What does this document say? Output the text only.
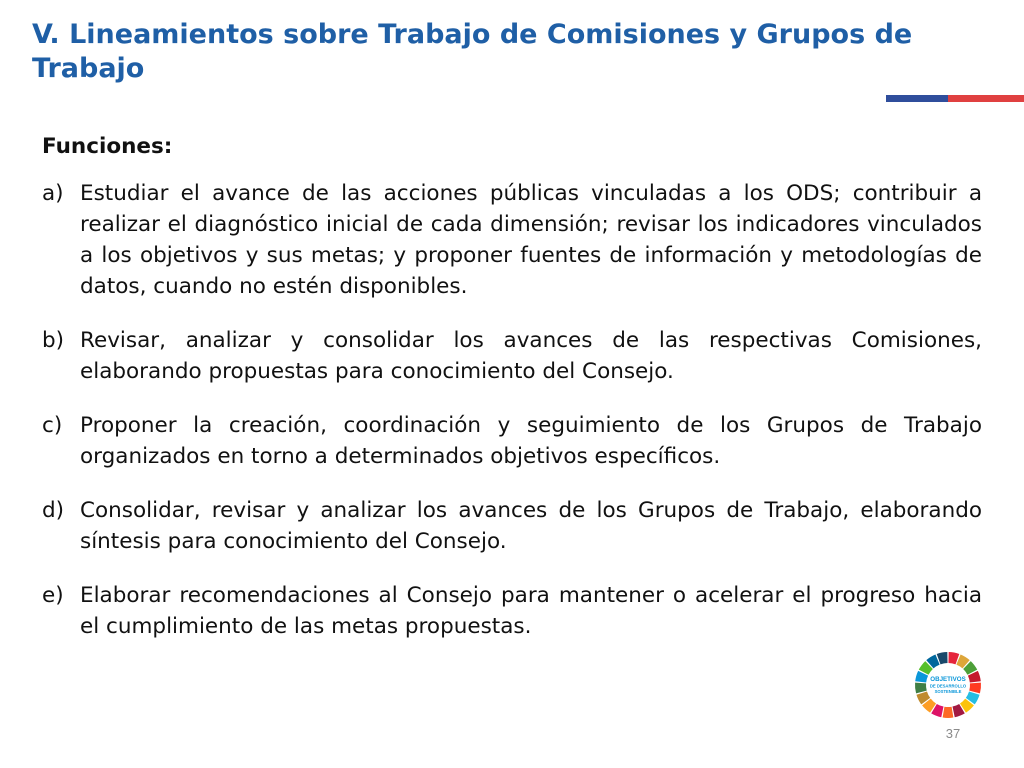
V. Lineamientos sobre Trabajo de Comisiones y Grupos de Trabajo
Funciones:
a) Estudiar el avance de las acciones públicas vinculadas a los ODS; contribuir a realizar el diagnóstico inicial de cada dimensión; revisar los indicadores vinculados a los objetivos y sus metas; y proponer fuentes de información y metodologías de datos, cuando no estén disponibles.
b) Revisar, analizar y consolidar los avances de las respectivas Comisiones, elaborando propuestas para conocimiento del Consejo.
c) Proponer la creación, coordinación y seguimiento de los Grupos de Trabajo organizados en torno a determinados objetivos específicos.
d) Consolidar, revisar y analizar los avances de los Grupos de Trabajo, elaborando síntesis para conocimiento del Consejo.
e) Elaborar recomendaciones al Consejo para mantener o acelerar el progreso hacia el cumplimiento de las metas propuestas.
OBJETIVOS
DE DESARROLLO
SOSTENIBLE
37
